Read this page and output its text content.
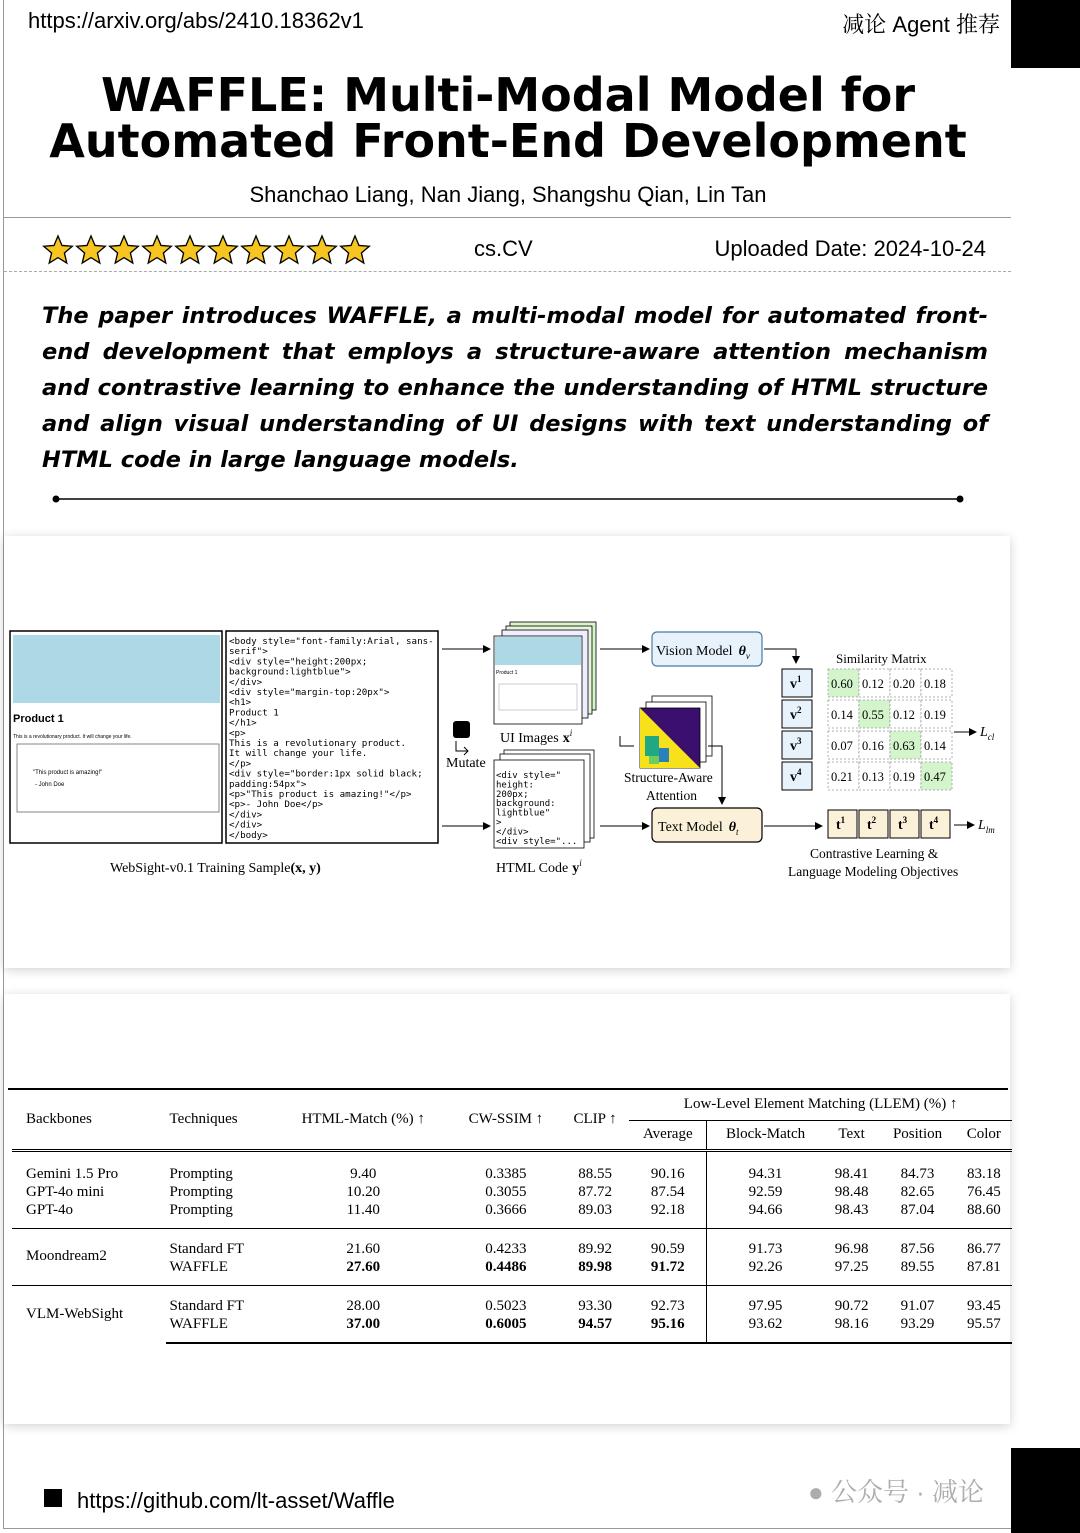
https://arxiv.org/abs/2410.18362v1	减论 Agent 推荐
WAFFLE: Multi-Modal Model for
Automated Front-End Development
Shanchao Liang, Nan Jiang, Shangshu Qian, Lin Tan
cs.CV	Uploaded Date: 2024-10-24
The paper introduces WAFFLE, a multi-modal model for automated front-end development that employs a structure-aware attention mechanism and contrastive learning to enhance the understanding of HTML structure and align visual understanding of UI designs with text understanding of HTML code in large language models.
Product 1
This is a revolutionary product. It will change your life.
"This product is amazing!"
- John Doe
<body style="font-family:Arial, sans-
serif">
<div style="height:200px;
background:lightblue">
</div>
<div style="margin-top:20px">
<h1>
Product 1
</h1>
<p>
This is a revolutionary product.
It will change your life.
</p>
<div style="border:1px solid black;
padding:54px">
<p>"This product is amazing!"</p>
<p>- John Doe</p>
</div>
</div>
</body>
WebSight-v0.1 Training Sample(x, y)
Mutate
Product 1
UI Images $x^i$
<div style="
height:
200px;
background:
lightblue"
>
</div>
<div style="...
HTML Code $y^i$
Structure-Aware
Attention
Vision Model $\theta_v$
Text Model $\theta_t$
$v^1$
$v^2$
$v^3$
$v^4$
Similarity Matrix
0.60 0.12 0.20 0.18
0.14 0.55 0.12 0.19
0.07 0.16 0.63 0.14
0.21 0.13 0.19 0.47
$L_{cl}$
$t^1$ $t^2$ $t^3$ $t^4$	$L_{lm}$
Contrastive Learning &
Language Modeling Objectives
Backbones	Techniques	HTML-Match (%) ↑	CW-SSIM ↑	CLIP ↑	Low-Level Element Matching (LLEM) (%) ↑				
					Average	Block-Match	Text	Position	Color
Gemini 1.5 Pro	Prompting	9.40	0.3385	88.55	90.16	94.31	98.41	84.73	83.18
GPT-4o mini	Prompting	10.20	0.3055	87.72	87.54	92.59	98.48	82.65	76.45
GPT-4o	Prompting	11.40	0.3666	89.03	92.18	94.66	98.43	87.04	88.60
Moondream2	Standard FT	21.60	0.4233	89.92	90.59	91.73	96.98	87.56	86.77
	WAFFLE	27.60	0.4486	89.98	91.72	92.26	97.25	89.55	87.81
VLM-WebSight	Standard FT	28.00	0.5023	93.30	92.73	97.95	90.72	91.07	93.45
	WAFFLE	37.00	0.6005	94.57	95.16	93.62	98.16	93.29	95.57
https://github.com/lt-asset/Waffle	● 公众号 · 减论
